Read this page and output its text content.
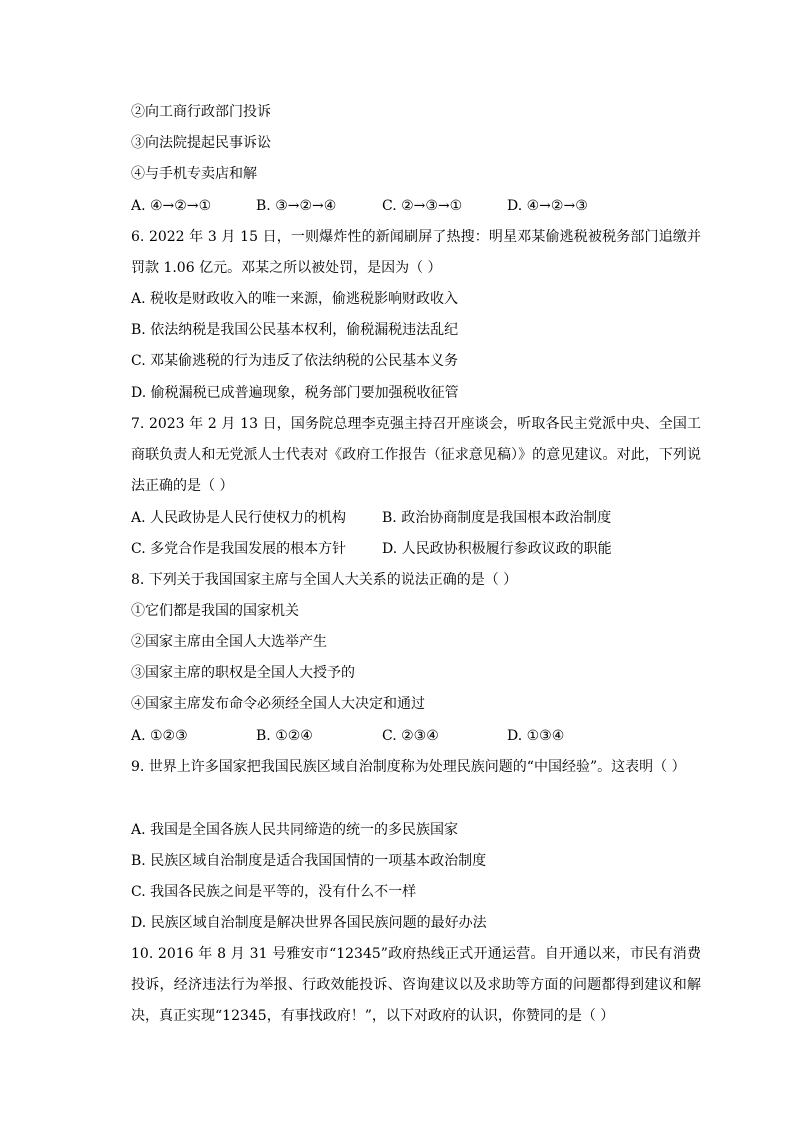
②向工商行政部门投诉
③向法院提起民事诉讼
④与手机专卖店和解
A. ④→②→①	B. ③→②→④	C. ②→③→①	D. ④→②→③
6. 2022 年 3 月 15 日，一则爆炸性的新闻刷屏了热搜：明星邓某偷逃税被税务部门追缴并罚款 1.06 亿元。邓某之所以被处罚，是因为（ ）
A. 税收是财政收入的唯一来源，偷逃税影响财政收入
B. 依法纳税是我国公民基本权利，偷税漏税违法乱纪
C. 邓某偷逃税的行为违反了依法纳税的公民基本义务
D. 偷税漏税已成普遍现象，税务部门要加强税收征管
7. 2023 年 2 月 13 日，国务院总理李克强主持召开座谈会，听取各民主党派中央、全国工商联负责人和无党派人士代表对《政府工作报告（征求意见稿）》的意见建议。对此，下列说法正确的是（ ）
A. 人民政协是人民行使权力的机构	B. 政治协商制度是我国根本政治制度
C. 多党合作是我国发展的根本方针	D. 人民政协积极履行参政议政的职能
8. 下列关于我国国家主席与全国人大关系的说法正确的是（ ）
①它们都是我国的国家机关
②国家主席由全国人大选举产生
③国家主席的职权是全国人大授予的
④国家主席发布命令必须经全国人大决定和通过
A. ①②③	B. ①②④	C. ②③④	D. ①③④
9. 世界上许多国家把我国民族区域自治制度称为处理民族问题的“中国经验”。这表明（ ）
A. 我国是全国各族人民共同缔造的统一的多民族国家
B. 民族区域自治制度是适合我国国情的一项基本政治制度
C. 我国各民族之间是平等的，没有什么不一样
D. 民族区域自治制度是解决世界各国民族问题的最好办法
10. 2016 年 8 月 31 号雅安市“12345”政府热线正式开通运营。自开通以来，市民有消费投诉，经济违法行为举报、行政效能投诉、咨询建议以及求助等方面的问题都得到建议和解决，真正实现“12345，有事找政府！”，以下对政府的认识，你赞同的是（ ）
